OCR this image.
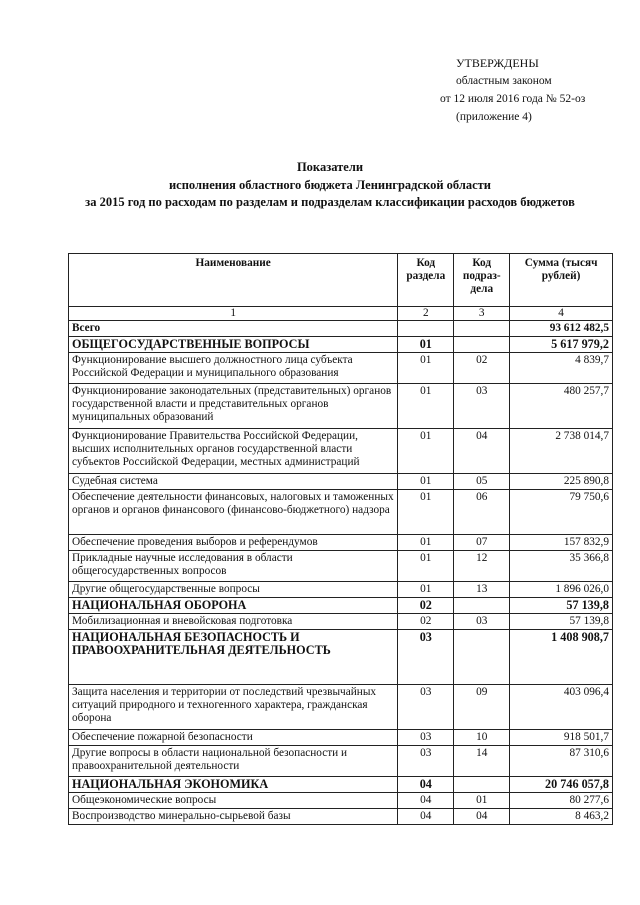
УТВЕРЖДЕНЫ
областным законом
от 12 июля 2016 года № 52-оз
(приложение 4)
Показатели
исполнения областного бюджета Ленинградской области
за 2015 год по расходам по разделам и подразделам классификации расходов бюджетов
Наименование	Код раздела	Код подраз-дела	Сумма (тысяч рублей)
1	2	3	4
Всего			93 612 482,5
ОБЩЕГОСУДАРСТВЕННЫЕ ВОПРОСЫ	01		5 617 979,2
Функционирование высшего должностного лица субъекта Российской Федерации и муниципального образования	01	02	4 839,7
Функционирование законодательных (представительных) органов государственной власти и представительных органов муниципальных образований	01	03	480 257,7
Функционирование Правительства Российской Федерации, высших исполнительных органов государственной власти субъектов Российской Федерации, местных администраций	01	04	2 738 014,7
Судебная система	01	05	225 890,8
Обеспечение деятельности финансовых, налоговых и таможенных органов и органов финансового (финансово-бюджетного) надзора	01	06	79 750,6
Обеспечение проведения выборов и референдумов	01	07	157 832,9
Прикладные научные исследования в области общегосударственных вопросов	01	12	35 366,8
Другие общегосударственные вопросы	01	13	1 896 026,0
НАЦИОНАЛЬНАЯ ОБОРОНА	02		57 139,8
Мобилизационная и вневойсковая подготовка	02	03	57 139,8
НАЦИОНАЛЬНАЯ БЕЗОПАСНОСТЬ И ПРАВООХРАНИТЕЛЬНАЯ ДЕЯТЕЛЬНОСТЬ	03		1 408 908,7
Защита населения и территории от последствий чрезвычайных ситуаций природного и техногенного характера, гражданская оборона	03	09	403 096,4
Обеспечение пожарной безопасности	03	10	918 501,7
Другие вопросы в области национальной безопасности и правоохранительной деятельности	03	14	87 310,6
НАЦИОНАЛЬНАЯ ЭКОНОМИКА	04		20 746 057,8
Общеэкономические вопросы	04	01	80 277,6
Воспроизводство минерально-сырьевой базы	04	04	8 463,2
